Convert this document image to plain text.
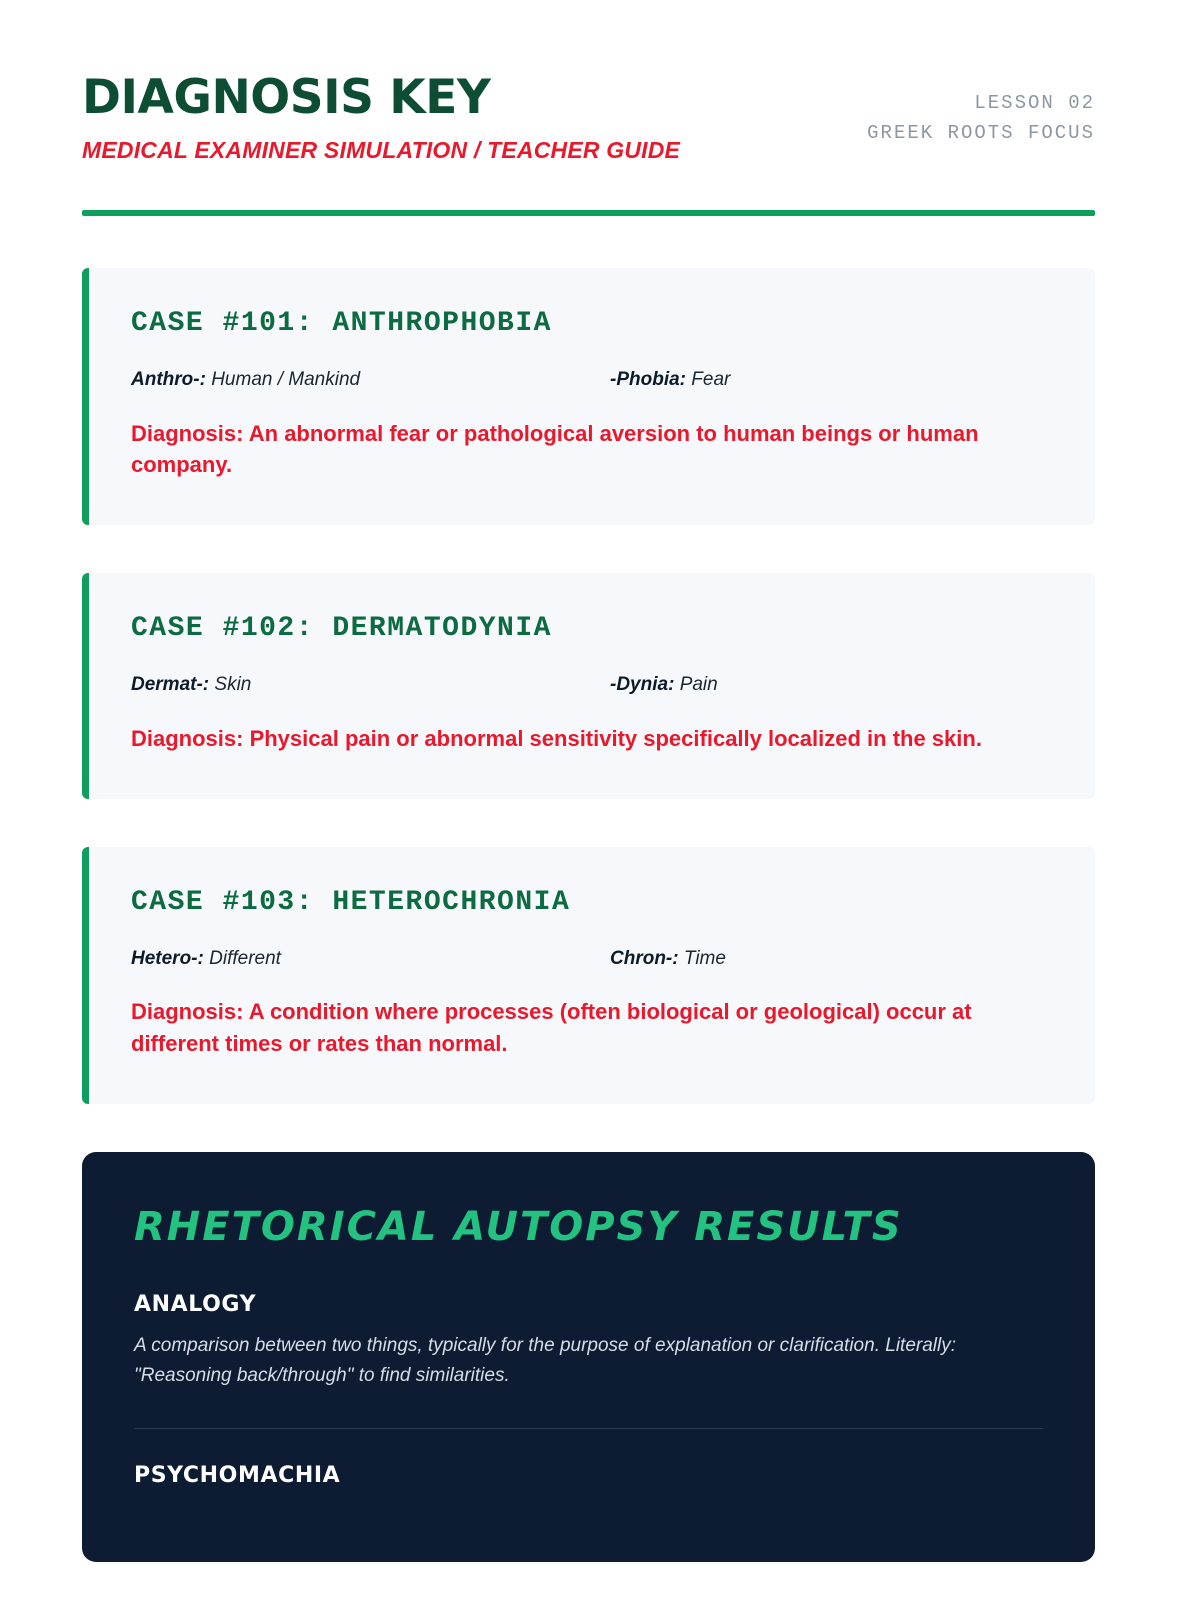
DIAGNOSIS KEY
MEDICAL EXAMINER SIMULATION / TEACHER GUIDE
LESSON 02
GREEK ROOTS FOCUS
CASE #101: ANTHROPHOBIA
Anthro-: Human / Mankind	-Phobia: Fear

Diagnosis: An abnormal fear or pathological aversion to human beings or human company.

CASE #102: DERMATODYNIA
Dermat-: Skin	-Dynia: Pain

Diagnosis: Physical pain or abnormal sensitivity specifically localized in the skin.

CASE #103: HETEROCHRONIA
Hetero-: Different	Chron-: Time

Diagnosis: A condition where processes (often biological or geological) occur at different times or rates than normal.

RHETORICAL AUTOPSY RESULTS
ANALOGY

A comparison between two things, typically for the purpose of explanation or clarification. Literally: "Reasoning back/through" to find similarities.

PSYCHOMACHIA
